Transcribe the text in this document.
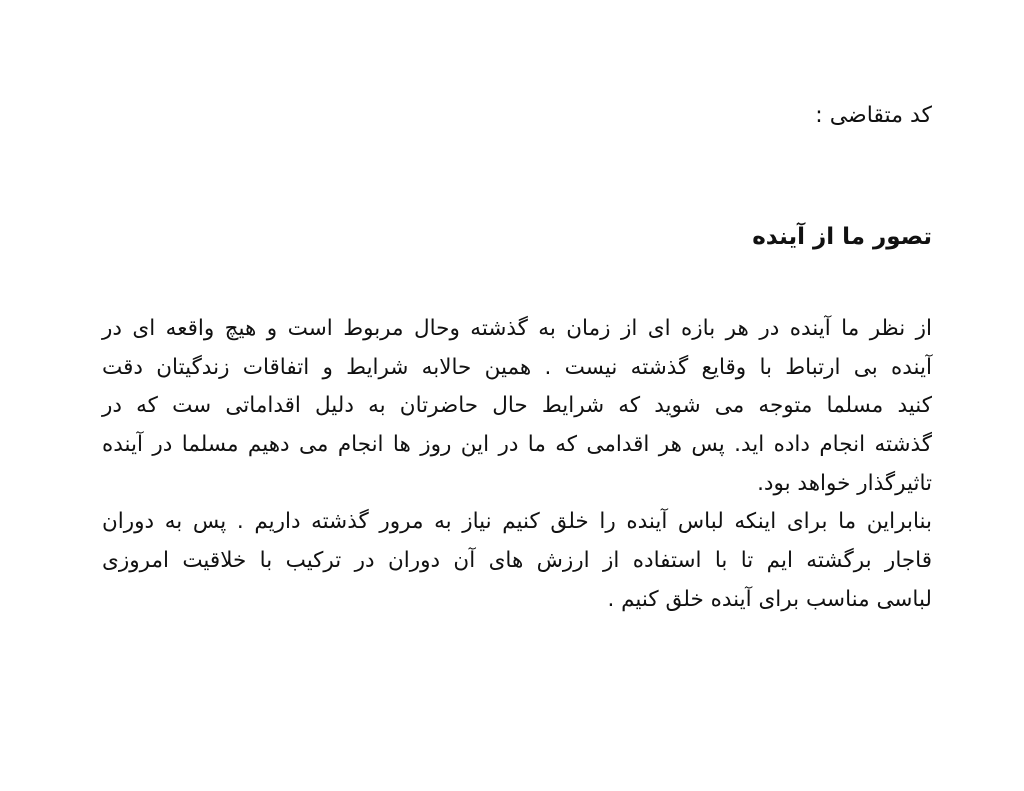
کد متقاضی :
تصور ما از آینده
از نظر ما آینده در هر بازه ای از زمان به گذشته وحال مربوط است و هیچ واقعه ای در
آینده بی ارتباط با وقایع گذشته نیست . همین حالابه شرایط و اتفاقات زندگیتان دقت
کنید مسلما متوجه می شوید که شرایط حال حاضرتان به دلیل اقداماتی ست که در
گذشته انجام داده اید. پس هر اقدامی که ما در این روز ها انجام می دهیم مسلما در آینده
تاثیرگذار خواهد بود.
بنابراین ما برای اینکه لباس آینده را خلق کنیم نیاز به مرور گذشته داریم . پس به دوران
قاجار برگشته ایم تا با استفاده از ارزش های آن دوران در ترکیب با خلاقیت امروزی
لباسی مناسب برای آینده خلق کنیم .
